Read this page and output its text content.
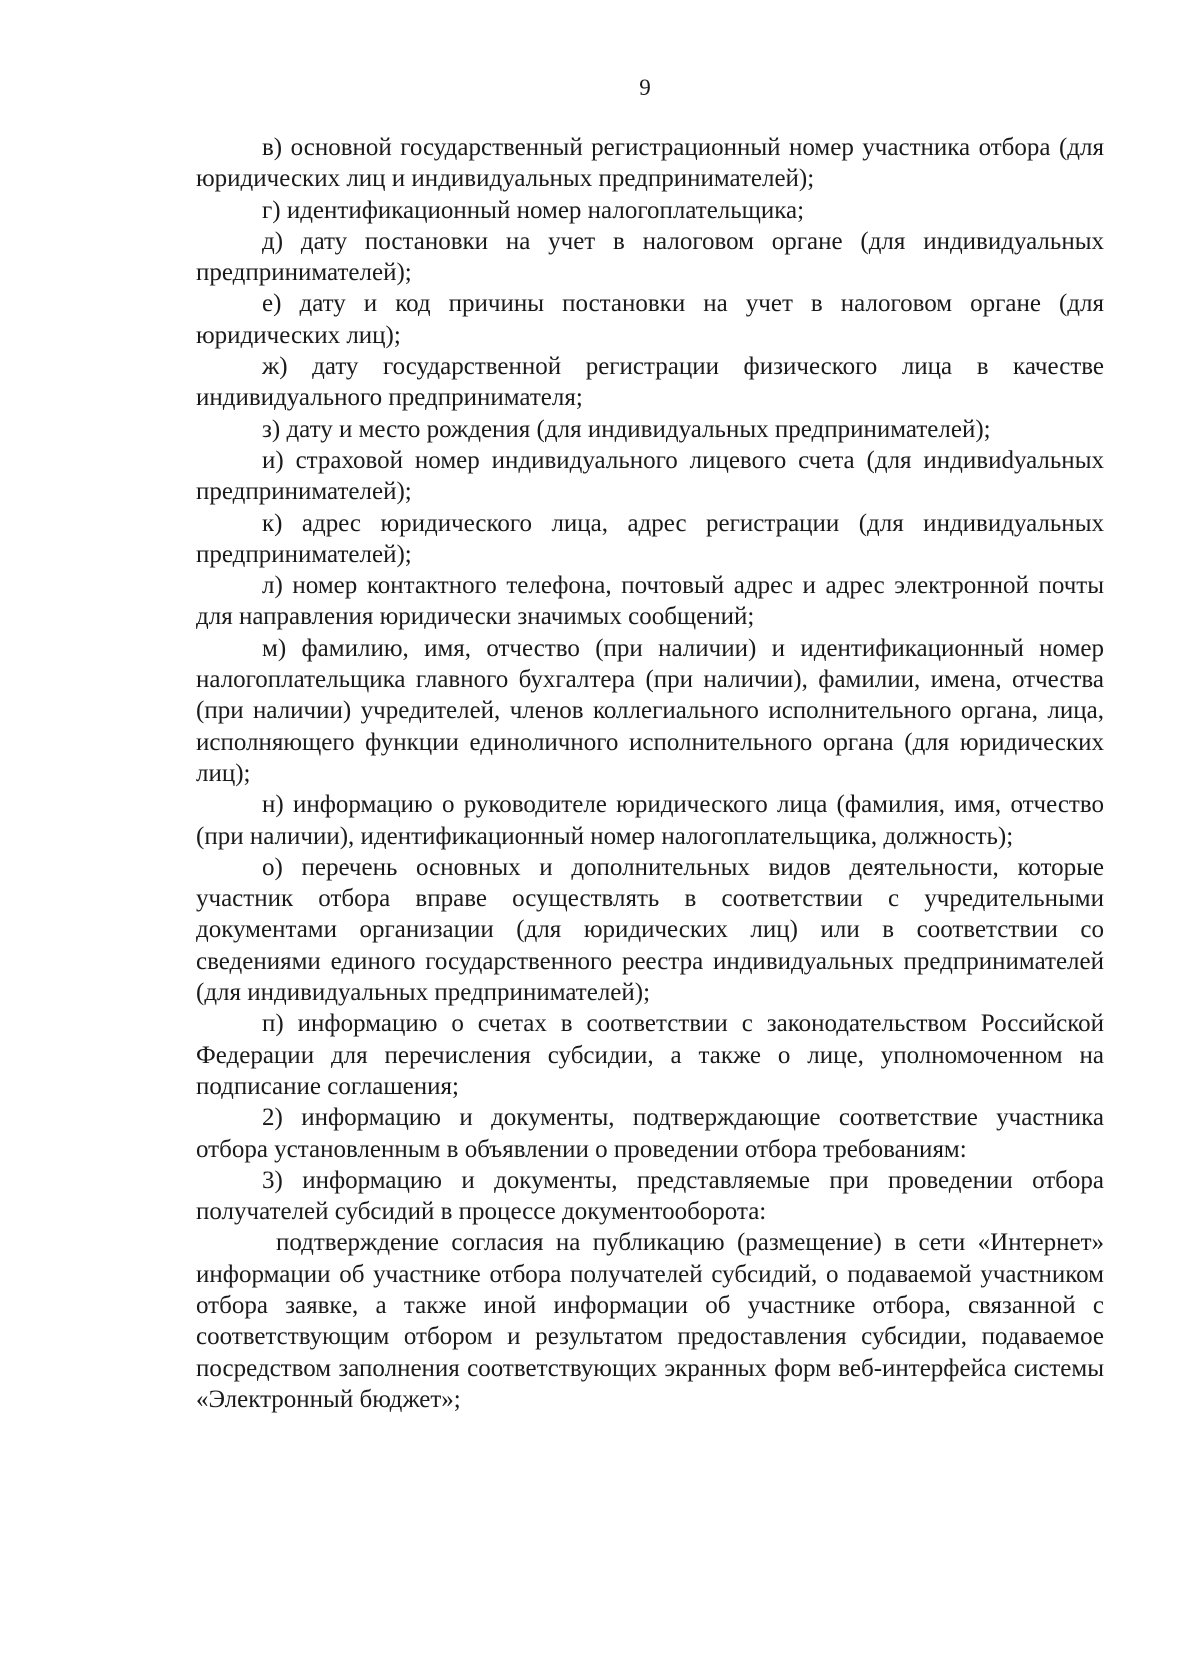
9

в) основной государственный регистрационный номер участника отбора (для юридических лиц и индивидуальных предпринимателей);

г) идентификационный номер налогоплательщика;

д) дату постановки на учет в налоговом органе (для индивидуальных предпринимателей);

е) дату и код причины постановки на учет в налоговом органе (для юридических лиц);

ж) дату государственной регистрации физического лица в качестве индивидуального предпринимателя;

з) дату и место рождения (для индивидуальных предпринимателей);

и) страховой номер индивидуального лицевого счета (для индивиdуальных предпринимателей);

к) адрес юридического лица, адрес регистрации (для индивидуальных предпринимателей);

л) номер контактного телефона, почтовый адрес и адрес электронной почты для направления юридически значимых сообщений;

м) фамилию, имя, отчество (при наличии) и идентификационный номер налогоплательщика главного бухгалтера (при наличии), фамилии, имена, отчества (при наличии) учредителей, членов коллегиального исполнительного органа, лица, исполняющего функции единоличного исполнительного органа (для юридических лиц);

н) информацию о руководителе юридического лица (фамилия, имя, отчество (при наличии), идентификационный номер налогоплательщика, должность);

о) перечень основных и дополнительных видов деятельности, которые участник отбора вправе осуществлять в соответствии с учредительными документами организации (для юридических лиц) или в соответствии со сведениями единого государственного реестра индивидуальных предпринимателей (для индивидуальных предпринимателей);

п) информацию о счетах в соответствии с законодательством Российской Федерации для перечисления субсидии, а также о лице, уполномоченном на подписание соглашения;

2) информацию и документы, подтверждающие соответствие участника отбора установленным в объявлении о проведении отбора требованиям:

3) информацию и документы, представляемые при проведении отбора получателей субсидий в процессе документооборота:

подтверждение согласия на публикацию (размещение) в сети «Интернет» информации об участнике отбора получателей субсидий, о подаваемой участником отбора заявке, а также иной информации об участнике отбора, связанной с соответствующим отбором и результатом предоставления субсидии, подаваемое посредством заполнения соответствующих экранных форм веб-интерфейса системы «Электронный бюджет»;
